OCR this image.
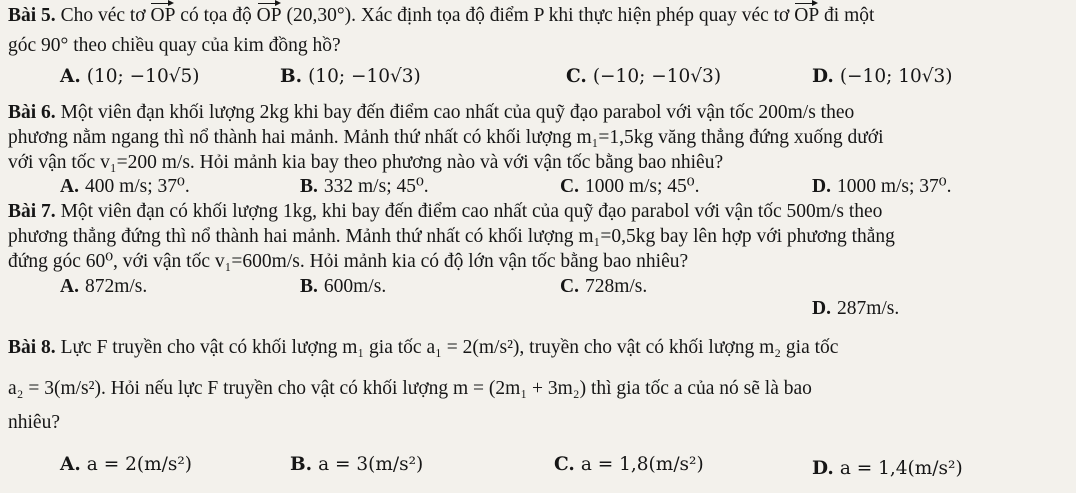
Bài 5. Cho véc tơ OP có tọa độ OP (20,30°). Xác định tọa độ điểm P khi thực hiện phép quay véc tơ OP đi một
góc 90° theo chiều quay của kim đồng hồ?
A. (10; −10√5)	B. (10; −10√3)	C. (−10; −10√3)	D. (−10; 10√3)
Bài 6. Một viên đạn khối lượng 2kg khi bay đến điểm cao nhất của quỹ đạo parabol với vận tốc 200m/s theo
phương nằm ngang thì nổ thành hai mảnh. Mảnh thứ nhất có khối lượng m₁=1,5kg văng thẳng đứng xuống dưới
với vận tốc v₁=200 m/s. Hỏi mảnh kia bay theo phương nào và với vận tốc bằng bao nhiêu?
A. 400 m/s; 37⁰.	B. 332 m/s; 45⁰.	C. 1000 m/s; 45⁰.	D. 1000 m/s; 37⁰.
Bài 7. Một viên đạn có khối lượng 1kg, khi bay đến điểm cao nhất của quỹ đạo parabol với vận tốc 500m/s theo
phương thẳng đứng thì nổ thành hai mảnh. Mảnh thứ nhất có khối lượng m₁=0,5kg bay lên hợp với phương thẳng
đứng góc 60⁰, với vận tốc v₁=600m/s. Hỏi mảnh kia có độ lớn vận tốc bằng bao nhiêu?
A. 872m/s.	B. 600m/s.	C. 728m/s.
D. 287m/s.
Bài 8. Lực F truyền cho vật có khối lượng m₁ gia tốc a₁ = 2(m/s²), truyền cho vật có khối lượng m₂ gia tốc
a₂ = 3(m/s²). Hỏi nếu lực F truyền cho vật có khối lượng m = (2m₁ + 3m₂) thì gia tốc a của nó sẽ là bao
nhiêu?
A. a = 2(m/s²)	B. a = 3(m/s²)	C. a = 1,8(m/s²)	D. a = 1,4(m/s²)
